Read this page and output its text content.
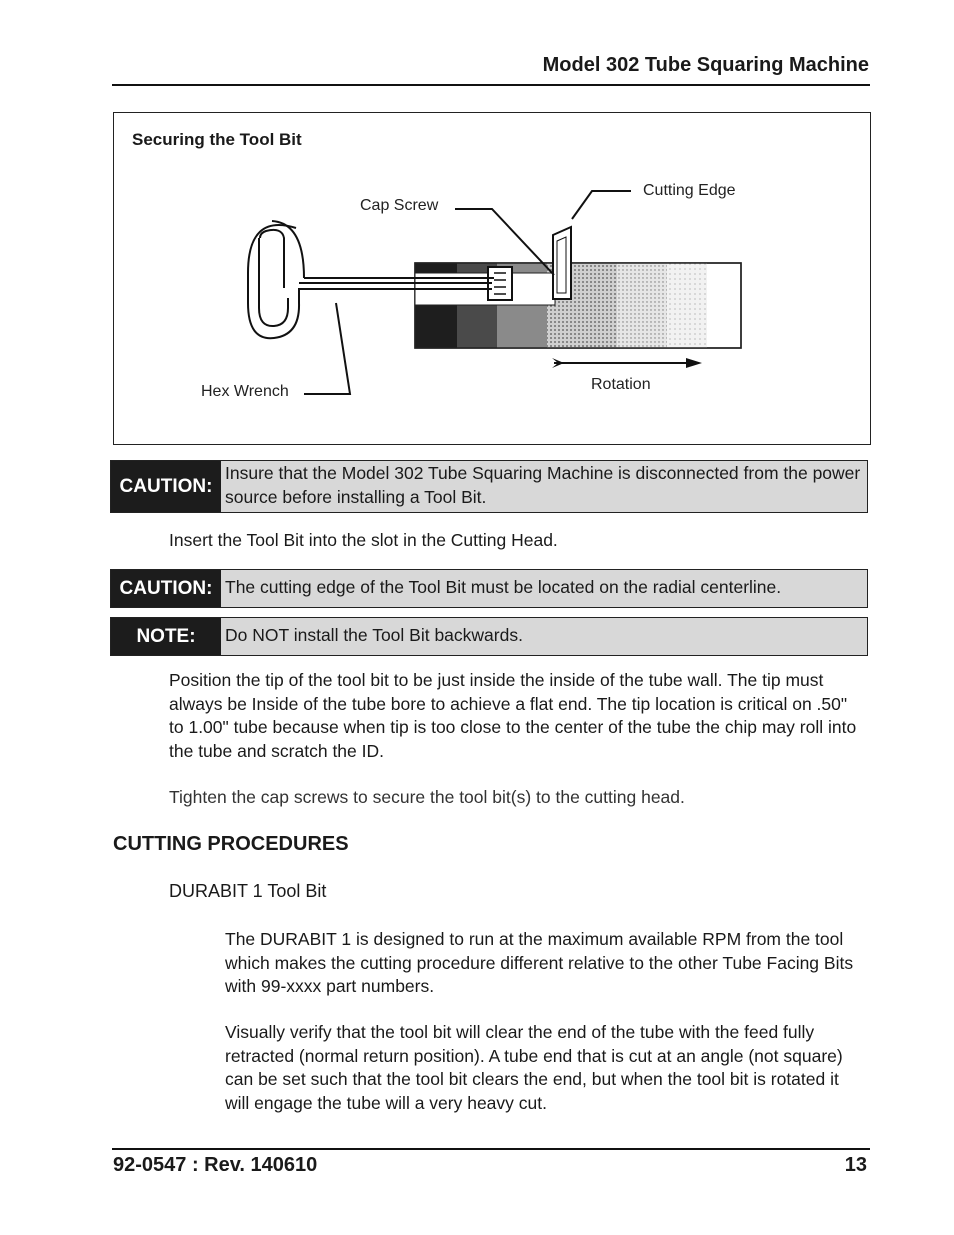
Model 302 Tube Squaring Machine
Securing the Tool Bit
Cap Screw
Cutting Edge
Hex Wrench	Rotation
CAUTION:
Insure that the Model 302 Tube Squaring Machine is disconnected from the power source before installing a Tool Bit.
Insert the Tool Bit into the slot in the Cutting Head.
CAUTION: The cutting edge of the Tool Bit must be located on the radial centerline.
NOTE:	Do NOT install the Tool Bit backwards.
Position the tip of the tool bit to be just inside the inside of the tube wall. The tip must always be Inside of the tube bore to achieve a flat end. The tip location is critical on .50" to 1.00" tube because when tip is too close to the center of the tube the chip may roll into the tube and scratch the ID.
Tighten the cap screws to secure the tool bit(s) to the cutting head.
CUTTING PROCEDURES
DURABIT 1 Tool Bit
The DURABIT 1 is designed to run at the maximum available RPM from the tool which makes the cutting procedure different relative to the other Tube Facing Bits with 99-xxxx part numbers.
Visually verify that the tool bit will clear the end of the tube with the feed fully retracted (normal return position). A tube end that is cut at an angle (not square) can be set such that the tool bit clears the end, but when the tool bit is rotated it will engage the tube will a very heavy cut.
92-0547 : Rev. 140610	13
